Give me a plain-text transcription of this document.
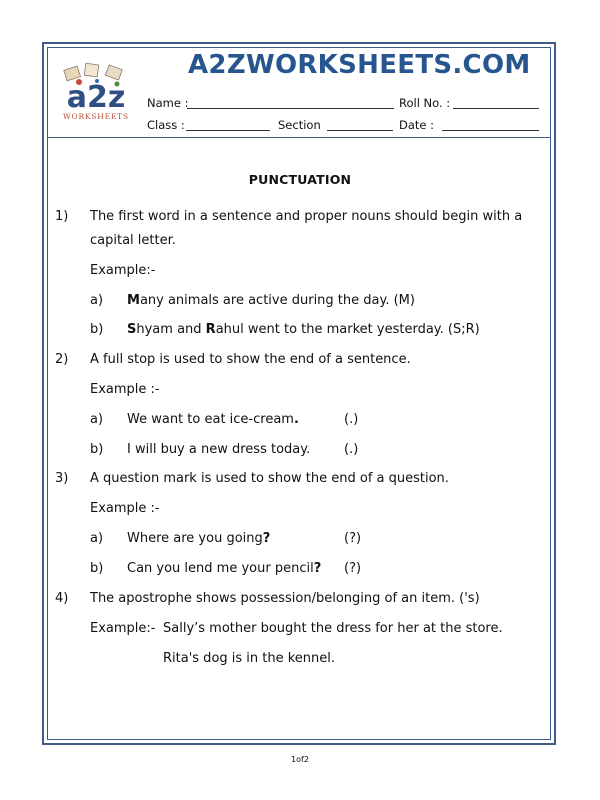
a2z
WORKSHEETS
A2ZWORKSHEETS.COM
Name :	Roll No. :
Class :	Section	Date :
PUNCTUATION
1) The first word in a sentence and proper nouns should begin with a
capital letter.
Example:-
a) Many animals are active during the day. (M)
b) Shyam and Rahul went to the market yesterday. (S;R)
2) A full stop is used to show the end of a sentence.
Example :-
a) We want to eat ice-cream.	(.)
b) I will buy a new dress today.	(.)
3) A question mark is used to show the end of a question.
Example :-
a) Where are you going?	(?)
b) Can you lend me your pencil? (?)
4) The apostrophe shows possession/belonging of an item. ('s)
Example:- Sally’s mother bought the dress for her at the store.
Rita's dog is in the kennel.
1of2
